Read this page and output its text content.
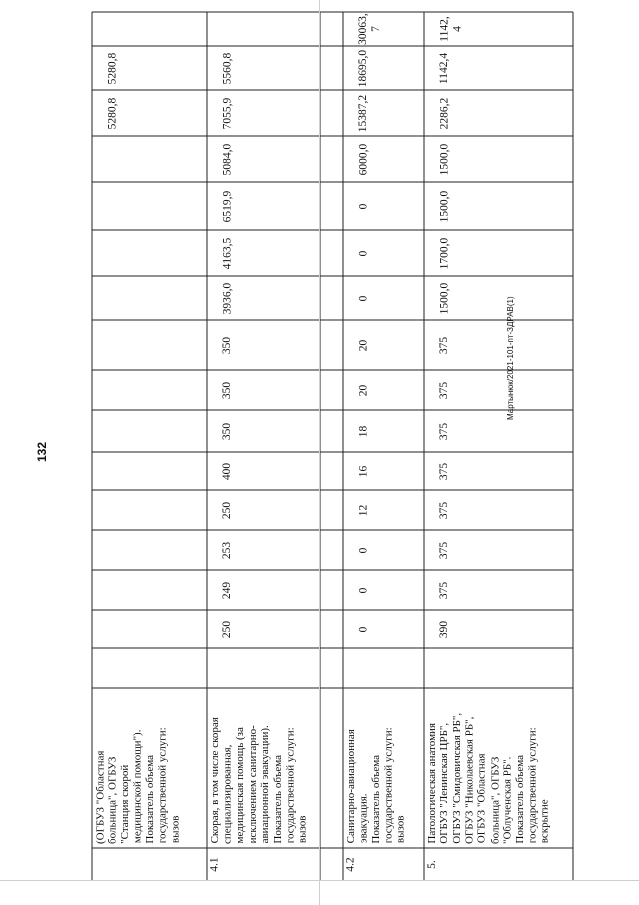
132
Мартынюк/2021-101-пт-ЗДРАВ(1)
(ОГБУЗ "Областная больница", ОГБУЗ "Станция скорой медицинской помощи"). Показатель объема государственной услуги: вызов
5280,8
5280,8
4.1
Скорая, в том числе скорая специализированная, медицинская помощь (за исключением санитарно- авиационной эвакуации). Показатель объема государственной услуги: вызов
250
249
253
250
400
350
350
350
3936,0
4163,5
6519,9
5084,0
7055,9
5560,8
4.2
Санитарно-авиационная эвакуация. Показатель объема государственной услуги: вызов
0
0
0
12
16
18
20
20
0
0
0
6000,0
15387,2
18695,0
30063, 7
5.
Патологическая анатомия ОГБУЗ "Ленинская ЦРБ", ОГБУЗ "Смидовичская РБ", ОГБУЗ "Николаевская РБ", ОГБУЗ "Областная больница", ОГБУЗ "Облученская РБ". Показатель объема государственной услуги: вскрытие
390
375
375
375
375
375
375
375
1500,0
1700,0
1500,0
1500,0
2286,2
1142,4
1142, 4
